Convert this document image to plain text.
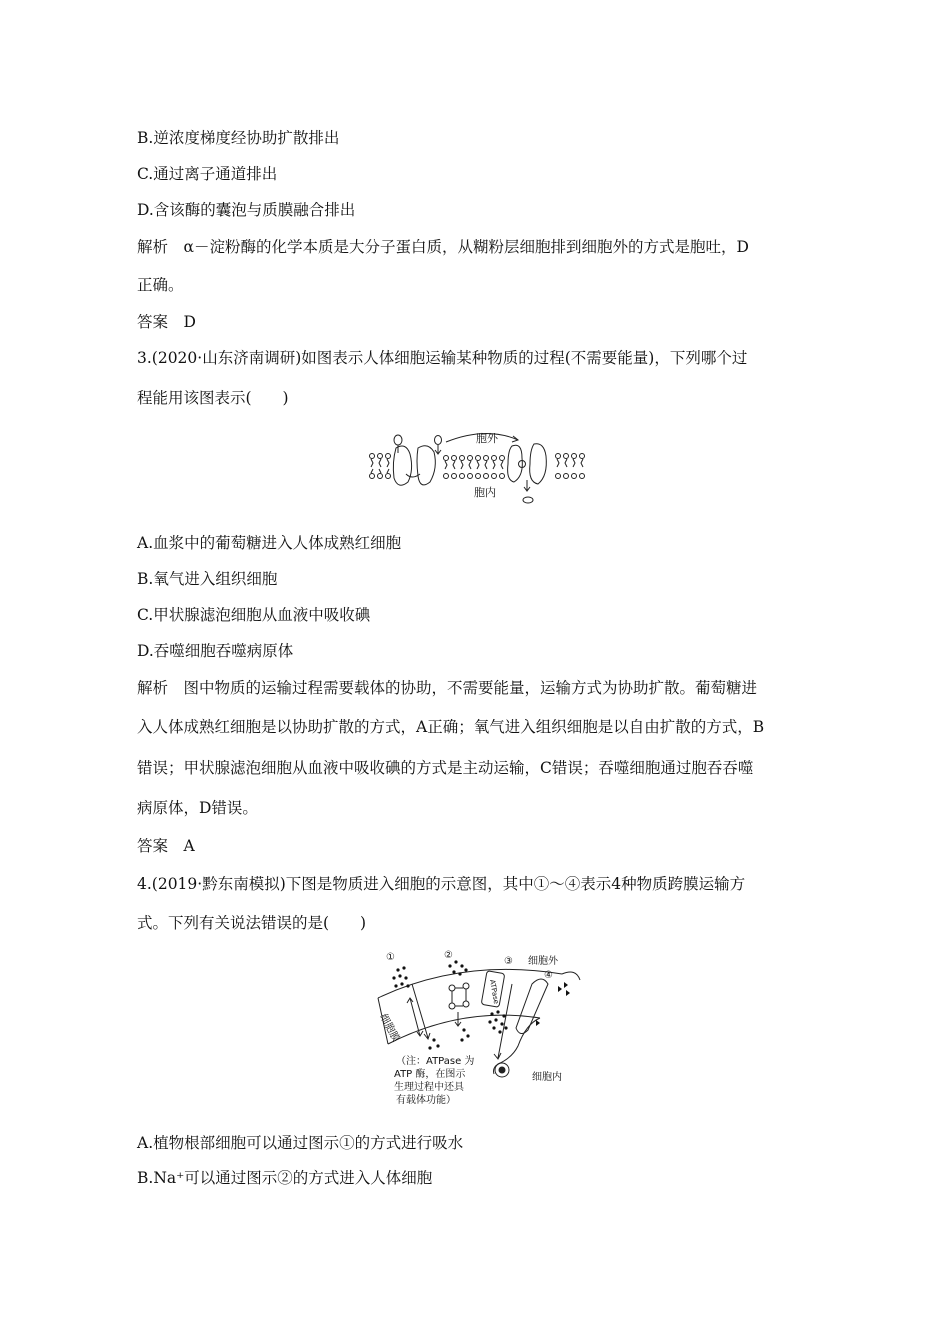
B.逆浓度梯度经协助扩散排出
C.通过离子通道排出
D.含该酶的囊泡与质膜融合排出
解析　α－淀粉酶的化学本质是大分子蛋白质，从糊粉层细胞排到细胞外的方式是胞吐，D
正确。
答案　D
3.(2020·山东济南调研)如图表示人体细胞运输某种物质的过程(不需要能量)，下列哪个过
程能用该图表示(　　)
胞外
胞内
A.血浆中的葡萄糖进入人体成熟红细胞
B.氧气进入组织细胞
C.甲状腺滤泡细胞从血液中吸收碘
D.吞噬细胞吞噬病原体
解析　图中物质的运输过程需要载体的协助，不需要能量，运输方式为协助扩散。葡萄糖进
入人体成熟红细胞是以协助扩散的方式，A正确；氧气进入组织细胞是以自由扩散的方式，B
错误；甲状腺滤泡细胞从血液中吸收碘的方式是主动运输，C错误；吞噬细胞通过胞吞吞噬
病原体，D错误。
答案　A
4.(2019·黔东南模拟)下图是物质进入细胞的示意图，其中①～④表示4种物质跨膜运输方
式。下列有关说法错误的是(　　)
①	②
③
④
细胞外
细胞膜
ATPase
细胞内
（注：ATPase 为
ATP 酶，在图示
生理过程中还具
有载体功能）
A.植物根部细胞可以通过图示①的方式进行吸水
B.Na⁺可以通过图示②的方式进入人体细胞
